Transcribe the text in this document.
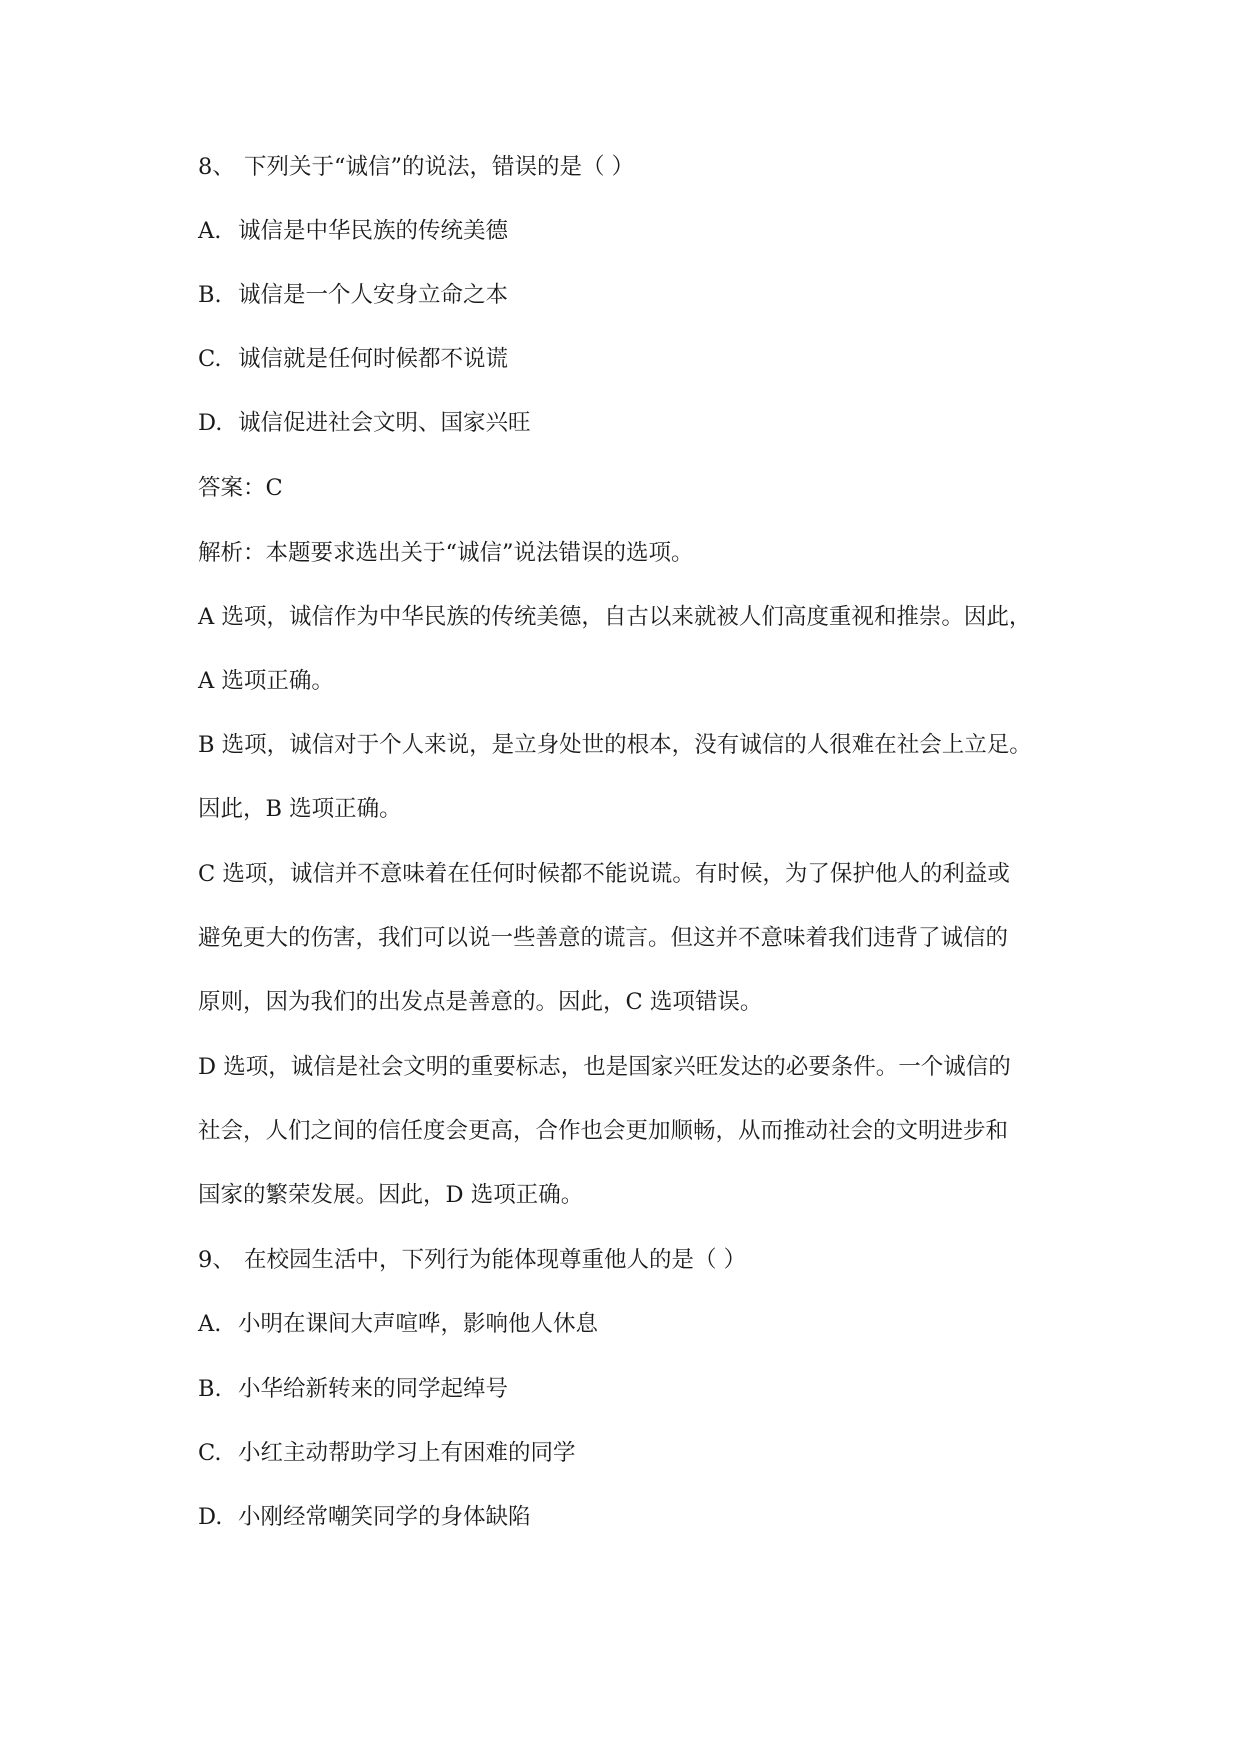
8、 下列关于“诚信”的说法，错误的是（ ）
A. 诚信是中华民族的传统美德
B. 诚信是一个人安身立命之本
C. 诚信就是任何时候都不说谎
D. 诚信促进社会文明、国家兴旺
答案：C
解析：本题要求选出关于“诚信”说法错误的选项。
A 选项，诚信作为中华民族的传统美德，自古以来就被人们高度重视和推崇。因此，
A 选项正确。
B 选项，诚信对于个人来说，是立身处世的根本，没有诚信的人很难在社会上立足。
因此，B 选项正确。
C 选项，诚信并不意味着在任何时候都不能说谎。有时候，为了保护他人的利益或
避免更大的伤害，我们可以说一些善意的谎言。但这并不意味着我们违背了诚信的
原则，因为我们的出发点是善意的。因此，C 选项错误。
D 选项，诚信是社会文明的重要标志，也是国家兴旺发达的必要条件。一个诚信的
社会，人们之间的信任度会更高，合作也会更加顺畅，从而推动社会的文明进步和
国家的繁荣发展。因此，D 选项正确。
9、 在校园生活中，下列行为能体现尊重他人的是（ ）
A. 小明在课间大声喧哗，影响他人休息
B. 小华给新转来的同学起绰号
C. 小红主动帮助学习上有困难的同学
D. 小刚经常嘲笑同学的身体缺陷
